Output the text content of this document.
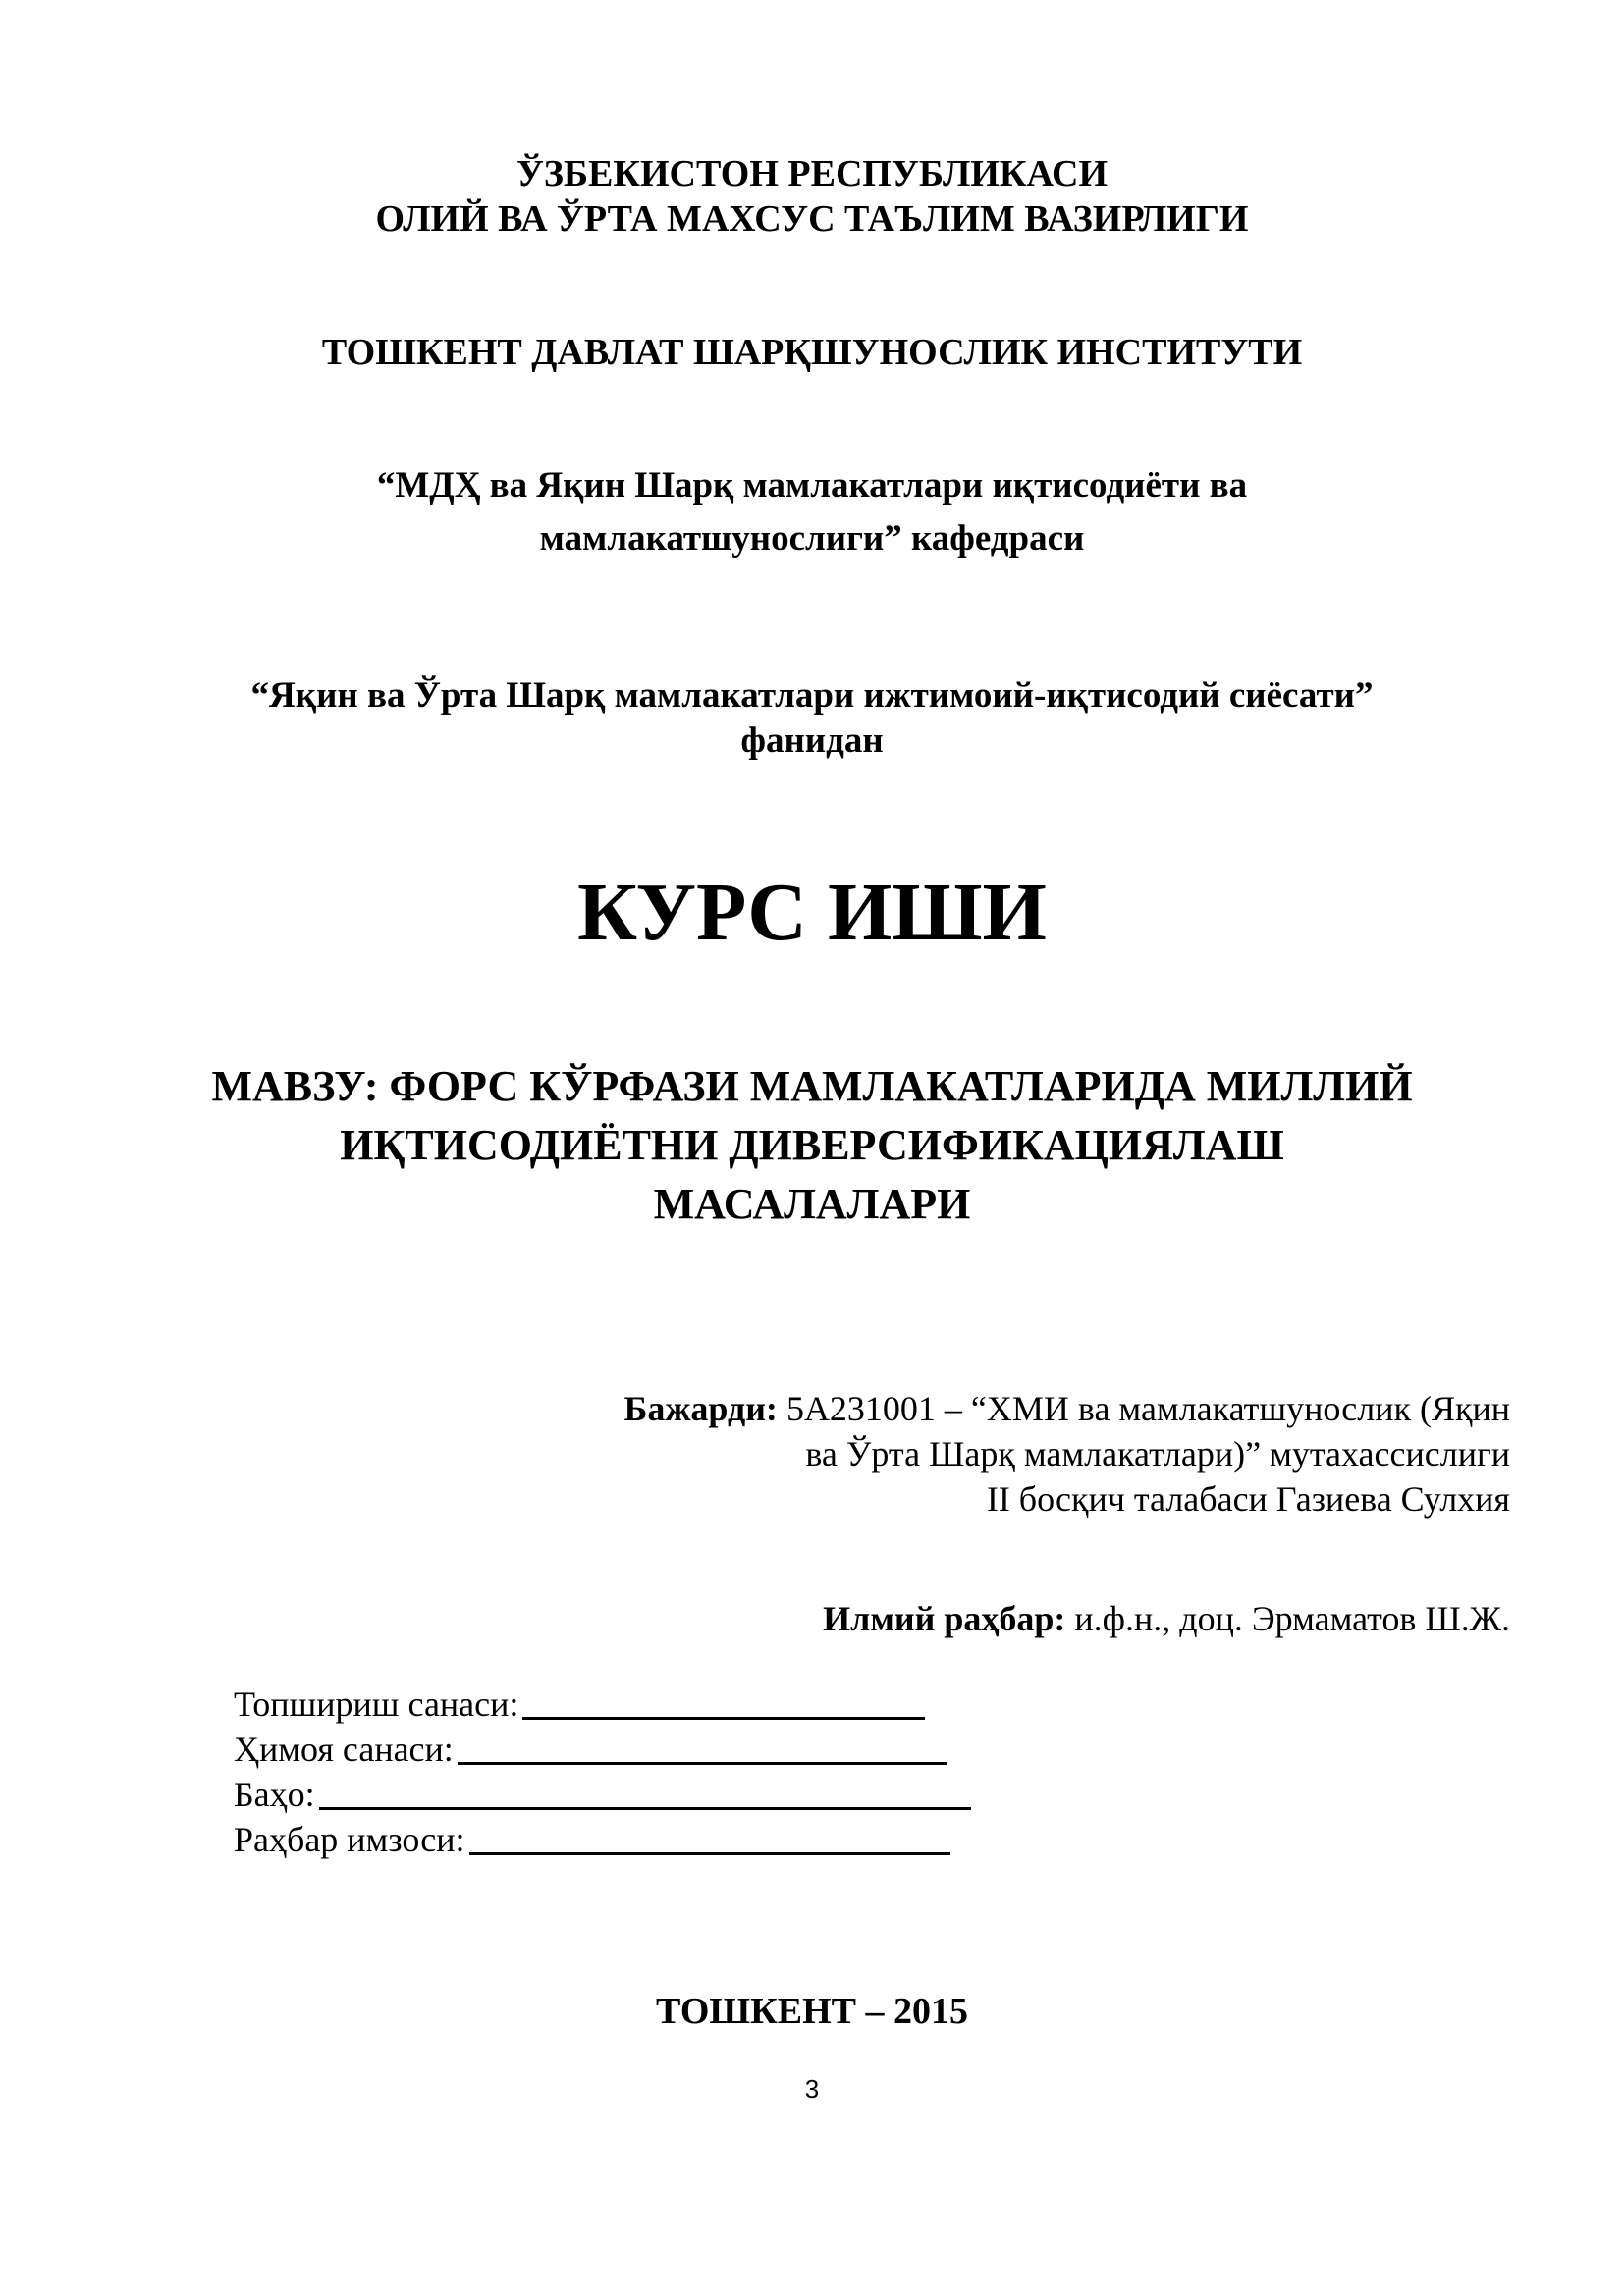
ЎЗБЕКИСТОН РЕСПУБЛИКАСИ
ОЛИЙ ВА ЎРТА МАХСУС ТАЪЛИМ ВАЗИРЛИГИ
ТОШКЕНТ ДАВЛАТ ШАРҚШУНОСЛИК ИНСТИТУТИ
“МДҲ ва Яқин Шарқ мамлакатлари иқтисодиёти ва
мамлакатшунослиги” кафедраси
“Яқин ва Ўрта Шарқ мамлакатлари ижтимоий-иқтисодий сиёсати”
фанидан
КУРС ИШИ
МАВЗУ: ФОРС КЎРФАЗИ МАМЛАКАТЛАРИДА МИЛЛИЙ
ИҚТИСОДИЁТНИ ДИВЕРСИФИКАЦИЯЛАШ
МАСАЛАЛАРИ
Бажарди: 5А231001 – “ХМИ ва мамлакатшунослик (Яқин
ва Ўрта Шарқ мамлакатлари)” мутахассислиги
II босқич талабаси Газиева Сулхия
Илмий раҳбар: и.ф.н., доц. Эрмаматов Ш.Ж.
Топшириш санаси:
Ҳимоя санаси:
Баҳо:
Раҳбар имзоси:
ТОШКЕНТ – 2015
3
